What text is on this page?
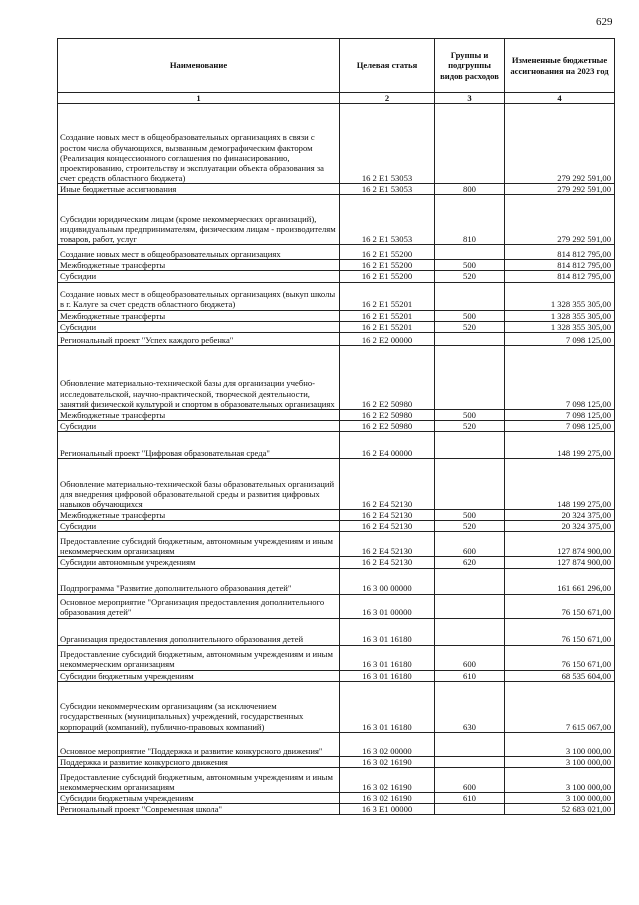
629
Наименование	Целевая статья	Группы и подгруппы видов расходов	Измененные бюджетные ассигнования на 2023 год
1	2	3	4
Создание новых мест в общеобразовательных организациях в связи с ростом числа обучающихся, вызванным демографическим фактором (Реализация концессионного соглашения по финансированию, проектированию, строительству и эксплуатации объекта образования за счет средств областного бюджета)	16 2 E1 53053		279 292 591,00
Иные бюджетные ассигнования	16 2 E1 53053	800	279 292 591,00
Субсидии юридическим лицам (кроме некоммерческих организаций), индивидуальным предпринимателям, физическим лицам - производителям товаров, работ, услуг	16 2 E1 53053	810	279 292 591,00
Создание новых мест в общеобразовательных организациях	16 2 E1 55200		814 812 795,00
Межбюджетные трансферты	16 2 E1 55200	500	814 812 795,00
Субсидии	16 2 E1 55200	520	814 812 795,00
Создание новых мест в общеобразовательных организациях (выкуп школы в г. Калуге за счет средств областного бюджета)	16 2 E1 55201		1 328 355 305,00
Межбюджетные трансферты	16 2 E1 55201	500	1 328 355 305,00
Субсидии	16 2 E1 55201	520	1 328 355 305,00
Региональный проект "Успех каждого ребенка"	16 2 E2 00000		7 098 125,00
Обновление материально-технической базы для организации учебно-исследовательской, научно-практической, творческой деятельности, занятий физической культурой и спортом в образовательных организациях	16 2 E2 50980		7 098 125,00
Межбюджетные трансферты	16 2 E2 50980	500	7 098 125,00
Субсидии	16 2 E2 50980	520	7 098 125,00
Региональный проект "Цифровая образовательная среда"	16 2 E4 00000		148 199 275,00
Обновление материально-технической базы образовательных организаций для внедрения цифровой образовательной среды и развития цифровых навыков обучающихся	16 2 E4 52130		148 199 275,00
Межбюджетные трансферты	16 2 E4 52130	500	20 324 375,00
Субсидии	16 2 E4 52130	520	20 324 375,00
Предоставление субсидий бюджетным, автономным учреждениям и иным некоммерческим организациям	16 2 E4 52130	600	127 874 900,00
Субсидии автономным учреждениям	16 2 E4 52130	620	127 874 900,00
Подпрограмма "Развитие дополнительного образования детей"	16 3 00 00000		161 661 296,00
Основное мероприятие "Организация предоставления дополнительного образования детей"	16 3 01 00000		76 150 671,00
Организация предоставления дополнительного образования детей	16 3 01 16180		76 150 671,00
Предоставление субсидий бюджетным, автономным учреждениям и иным некоммерческим организациям	16 3 01 16180	600	76 150 671,00
Субсидии бюджетным учреждениям	16 3 01 16180	610	68 535 604,00
Субсидии некоммерческим организациям (за исключением государственных (муниципальных) учреждений, государственных корпораций (компаний), публично-правовых компаний)	16 3 01 16180	630	7 615 067,00
Основное мероприятие "Поддержка и развитие конкурсного движения"	16 3 02 00000		3 100 000,00
Поддержка и развитие конкурсного движения	16 3 02 16190		3 100 000,00
Предоставление субсидий бюджетным, автономным учреждениям и иным некоммерческим организациям	16 3 02 16190	600	3 100 000,00
Субсидии бюджетным учреждениям	16 3 02 16190	610	3 100 000,00
Региональный проект "Современная школа"	16 3 E1 00000		52 683 021,00
